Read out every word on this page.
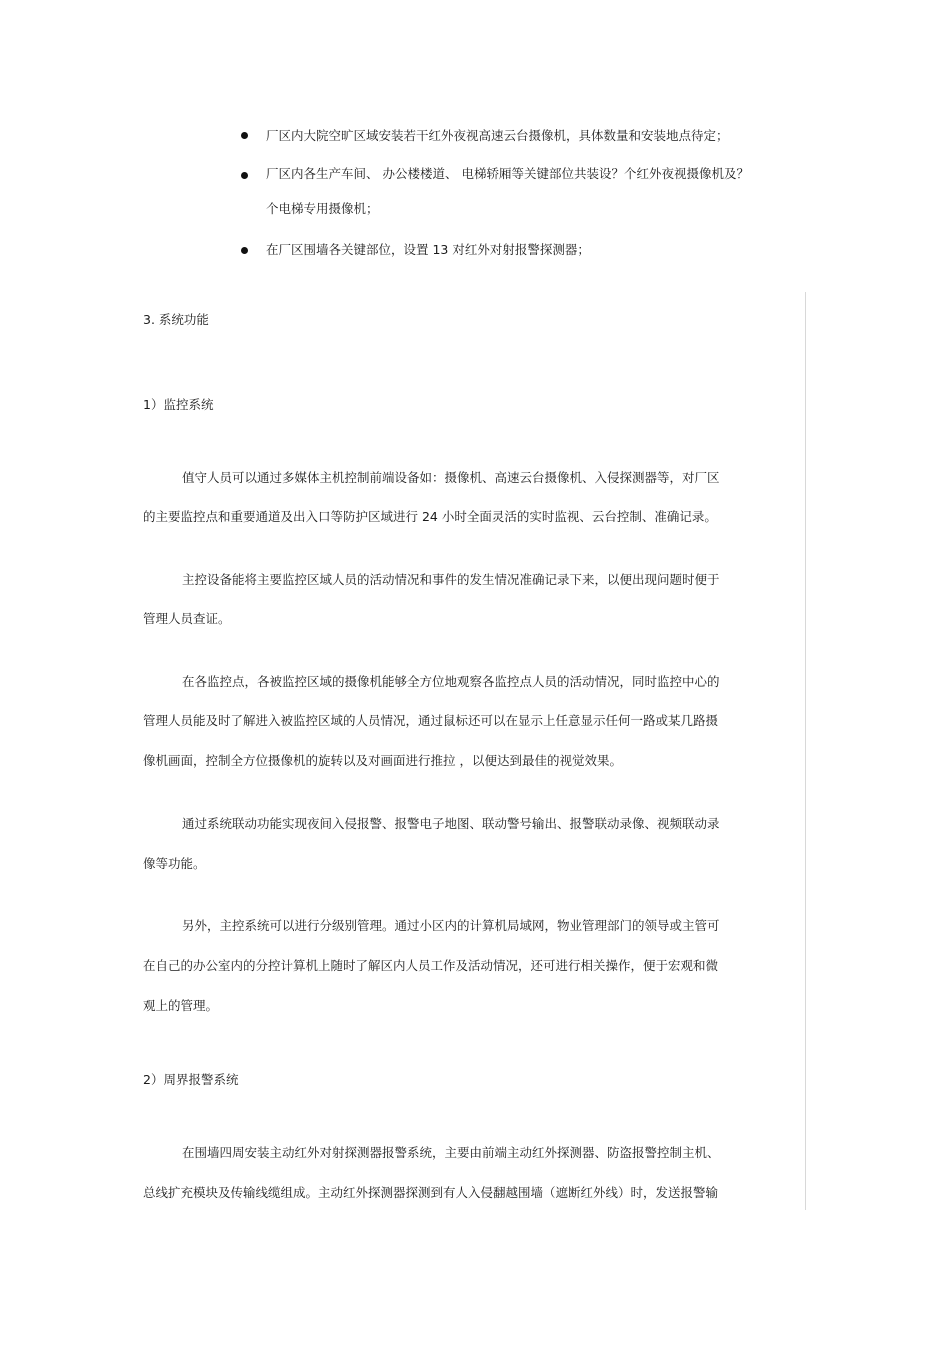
厂区内大院空旷区域安装若干红外夜视高速云台摄像机，具体数量和安装地点待定；
厂区内各生产车间、 办公楼楼道、 电梯轿厢等关键部位共装设？个红外夜视摄像机及？
个电梯专用摄像机；
在厂区围墙各关键部位，设置 13 对红外对射报警探测器；
3. 系统功能
1）监控系统
值守人员可以通过多媒体主机控制前端设备如：摄像机、高速云台摄像机、入侵探测器等，对厂区
的主要监控点和重要通道及出入口等防护区域进行 24 小时全面灵活的实时监视、云台控制、准确记录。
主控设备能将主要监控区域人员的活动情况和事件的发生情况准确记录下来，以便出现问题时便于
管理人员查证。
在各监控点，各被监控区域的摄像机能够全方位地观察各监控点人员的活动情况，同时监控中心的
管理人员能及时了解进入被监控区域的人员情况，通过鼠标还可以在显示上任意显示任何一路或某几路摄
像机画面，控制全方位摄像机的旋转以及对画面进行推拉 ，以便达到最佳的视觉效果。
通过系统联动功能实现夜间入侵报警、报警电子地图、联动警号输出、报警联动录像、视频联动录
像等功能。
另外，主控系统可以进行分级别管理。通过小区内的计算机局域网，物业管理部门的领导或主管可
在自己的办公室内的分控计算机上随时了解区内人员工作及活动情况，还可进行相关操作，便于宏观和微
观上的管理。
2）周界报警系统
在围墙四周安装主动红外对射探测器报警系统，主要由前端主动红外探测器、防盗报警控制主机、
总线扩充模块及传输线缆组成。主动红外探测器探测到有人入侵翻越围墙（遮断红外线）时，发送报警输
